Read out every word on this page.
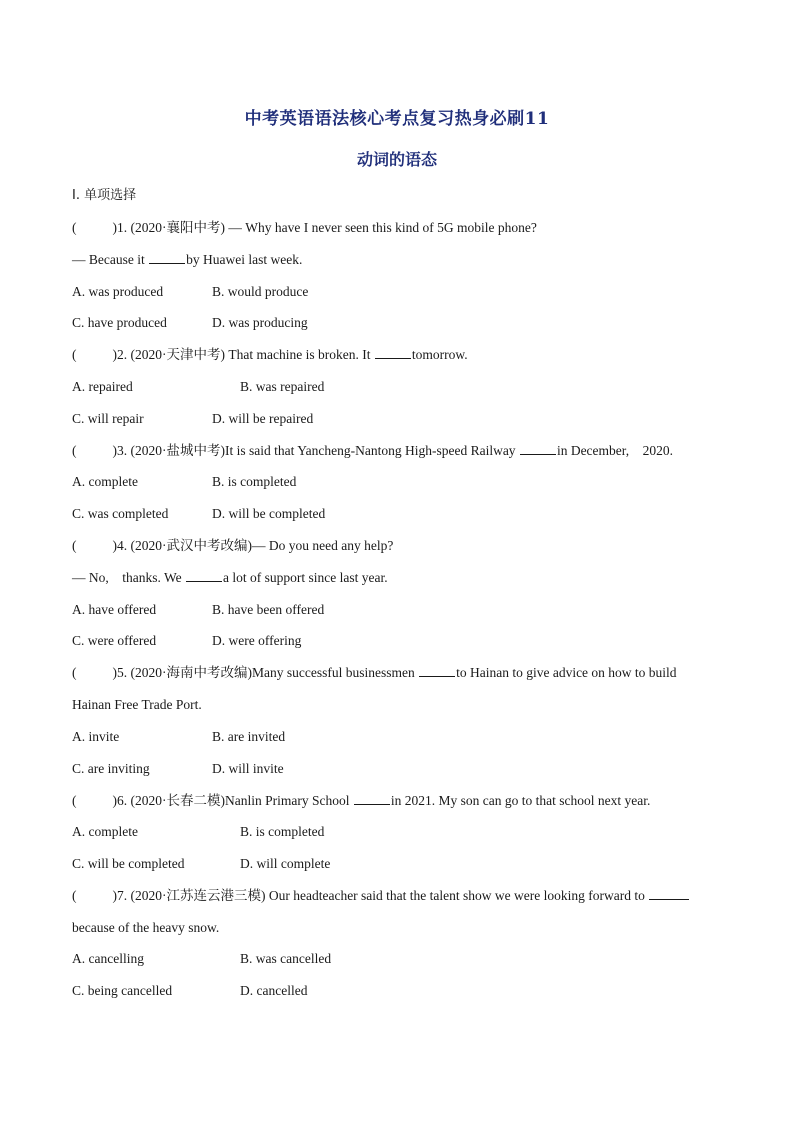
中考英语语法核心考点复习热身必刷11
动词的语态
Ⅰ. 单项选择
(	)1. (2020·襄阳中考) — Why have I never seen this kind of 5G mobile phone?
— Because it	by Huawei last week.
A. was produced	B. would produce
C. have produced	D. was producing
(	)2. (2020·天津中考) That machine is broken. It	tomorrow.
A. repaired	B. was repaired
C. will repair	D. will be repaired
(	)3. (2020·盐城中考)It is said that Yancheng-Nantong High-speed Railway	in December,    2020.
A. complete	B. is completed
C. was completed	D. will be completed
(	)4. (2020·武汉中考改编)— Do you need any help?
— No,    thanks. We	a lot of support since last year.
A. have offered	B. have been offered
C. were offered	D. were offering
(	)5. (2020·海南中考改编)Many successful businessmen	to Hainan to give advice on how to build
Hainan Free Trade Port.
A. invite	B. are invited
C. are inviting	D. will invite
(	)6. (2020·长春二模)Nanlin Primary School	in 2021. My son can go to that school next year.
A. complete	B. is completed
C. will be completed	D. will complete
(	)7. (2020·江苏连云港三模) Our headteacher said that the talent show we were looking forward to
because of the heavy snow.
A. cancelling	B. was cancelled
C. being cancelled	D. cancelled
